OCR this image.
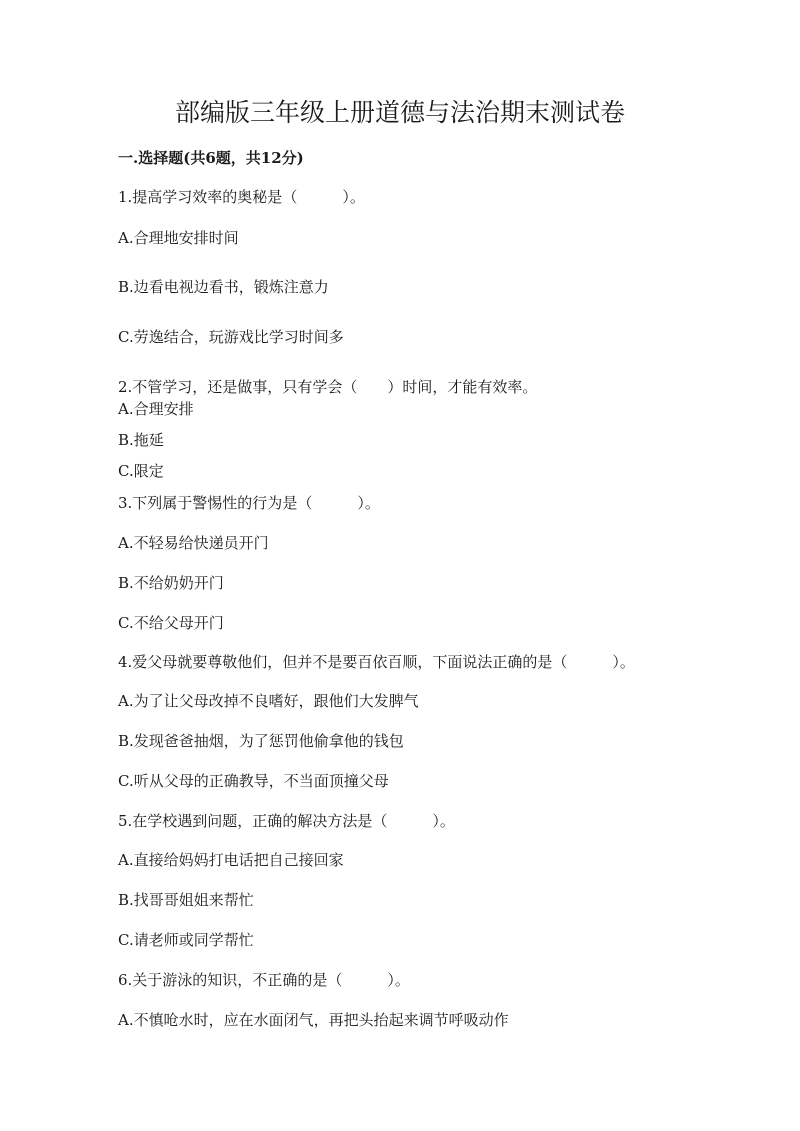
部编版三年级上册道德与法治期末测试卷
一.选择题(共6题，共12分)
1.提高学习效率的奥秘是（　　　）。
A.合理地安排时间
B.边看电视边看书，锻炼注意力
C.劳逸结合，玩游戏比学习时间多
2.不管学习，还是做事，只有学会（　　）时间，才能有效率。
A.合理安排
B.拖延
C.限定
3.下列属于警惕性的行为是（　　　）。
A.不轻易给快递员开门
B.不给奶奶开门
C.不给父母开门
4.爱父母就要尊敬他们，但并不是要百依百顺，下面说法正确的是（　　　）。
A.为了让父母改掉不良嗜好，跟他们大发脾气
B.发现爸爸抽烟，为了惩罚他偷拿他的钱包
C.听从父母的正确教导，不当面顶撞父母
5.在学校遇到问题，正确的解决方法是（　　　）。
A.直接给妈妈打电话把自己接回家
B.找哥哥姐姐来帮忙
C.请老师或同学帮忙
6.关于游泳的知识，不正确的是（　　　）。
A.不慎呛水时，应在水面闭气，再把头抬起来调节呼吸动作
